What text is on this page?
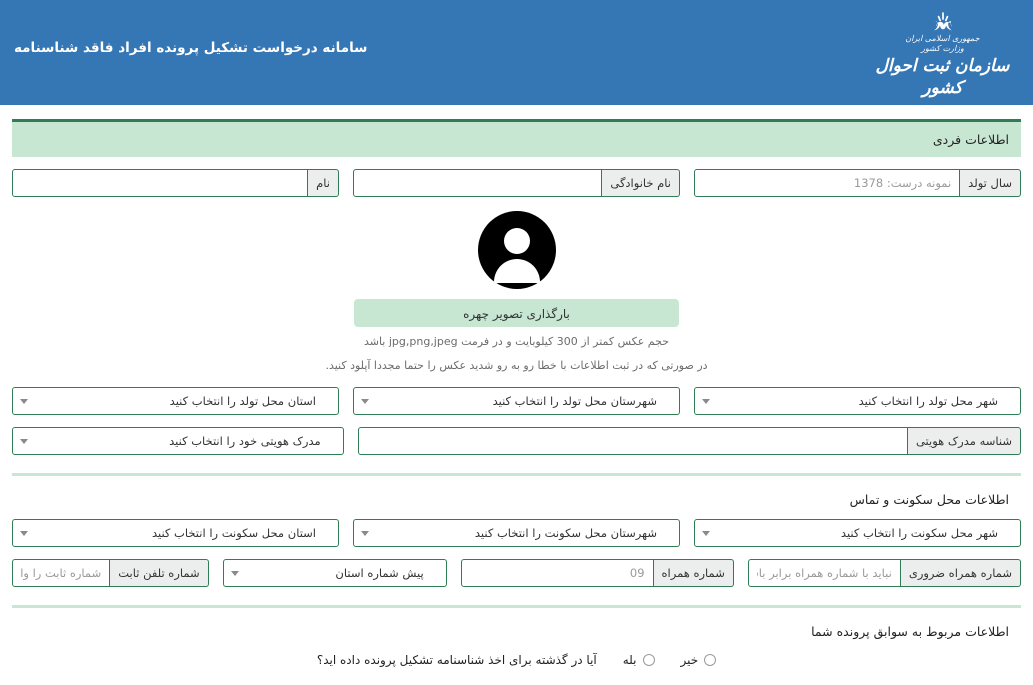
سامانه درخواست تشکیل پرونده افراد فاقد شناسنامه
جمهوری اسلامی ایران
وزارت کشور
سازمان ثبت احوال کشور
اطلاعات فردی
سال تولد
نمونه درست: 1378
نام خانوادگی
نام
بارگذاری تصویر چهره
حجم عکس کمتر از 300 کیلوبایت و در فرمت jpg,png,jpeg باشد
در صورتی که در ثبت اطلاعات با خطا رو به رو شدید عکس را حتما مجددا آپلود کنید.
شهر محل تولد را انتخاب کنید
شهرستان محل تولد را انتخاب کنید
استان محل تولد را انتخاب کنید
شناسه مدرک هویتی
مدرک هویتی خود را انتخاب کنید
اطلاعات محل سکونت و تماس
شهر محل سکونت را انتخاب کنید
شهرستان محل سکونت را انتخاب کنید
استان محل سکونت را انتخاب کنید
شماره همراه ضروری
نباید با شماره همراه برابر باشد.
شماره همراه
09
پیش شماره استان
شماره تلفن ثابت
شماره ثابت را وارد کنید
اطلاعات مربوط به سوابق پرونده شما
خیر
بله
آیا در گذشته برای اخذ شناسنامه تشکیل پرونده داده اید؟
